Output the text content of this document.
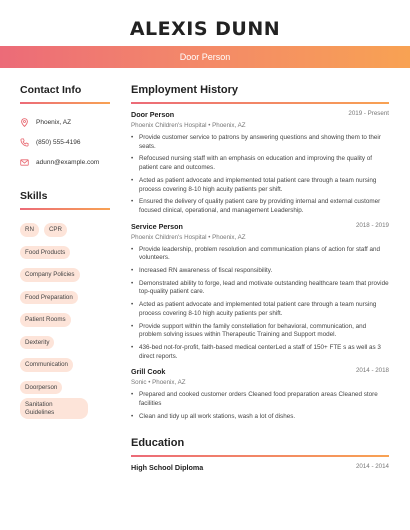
ALEXIS DUNN
Door Person
Contact Info
Phoenix, AZ
(850) 555-4196
adunn@example.com
Skills
RN CPR
Food Products
Company Policies
Food Preparation
Patient Rooms
Dexterity
Communication
Doorperson
Sanitation Guidelines
Employment History
Door Person	2019 - Present
Phoenix Children's Hospital • Phoenix, AZ
• Provide customer service to patrons by answering questions and showing them to their seats.
• Refocused nursing staff with an emphasis on education and improving the quality of patient care and outcomes.
• Acted as patient advocate and implemented total patient care through a team nursing process covering 8-10 high acuity patients per shift.
• Ensured the delivery of quality patient care by providing internal and external customer focused clinical, operational, and management Leadership.
Service Person	2018 - 2019
Phoenix Children's Hospital • Phoenix, AZ
• Provide leadership, problem resolution and communication plans of action for staff and volunteers.
• Increased RN awareness of fiscal responsibility.
• Demonstrated ability to forge, lead and motivate outstanding healthcare team that provide top-quality patient care.
• Acted as patient advocate and implemented total patient care through a team nursing process covering 8-10 high acuity patients per shift.
• Provide support within the family constellation for behavioral, communication, and problem solving issues within Therapeutic Training and Support model.
• 436-bed not-for-profit, faith-based medical centerLed a staff of 150+ FTE s as well as 3 direct reports.
Grill Cook	2014 - 2018
Sonic • Phoenix, AZ
• Prepared and cooked customer orders Cleaned food preparation areas Cleaned store facilities
• Clean and tidy up all work stations, wash a lot of dishes.
Education
High School Diploma	2014 - 2014
